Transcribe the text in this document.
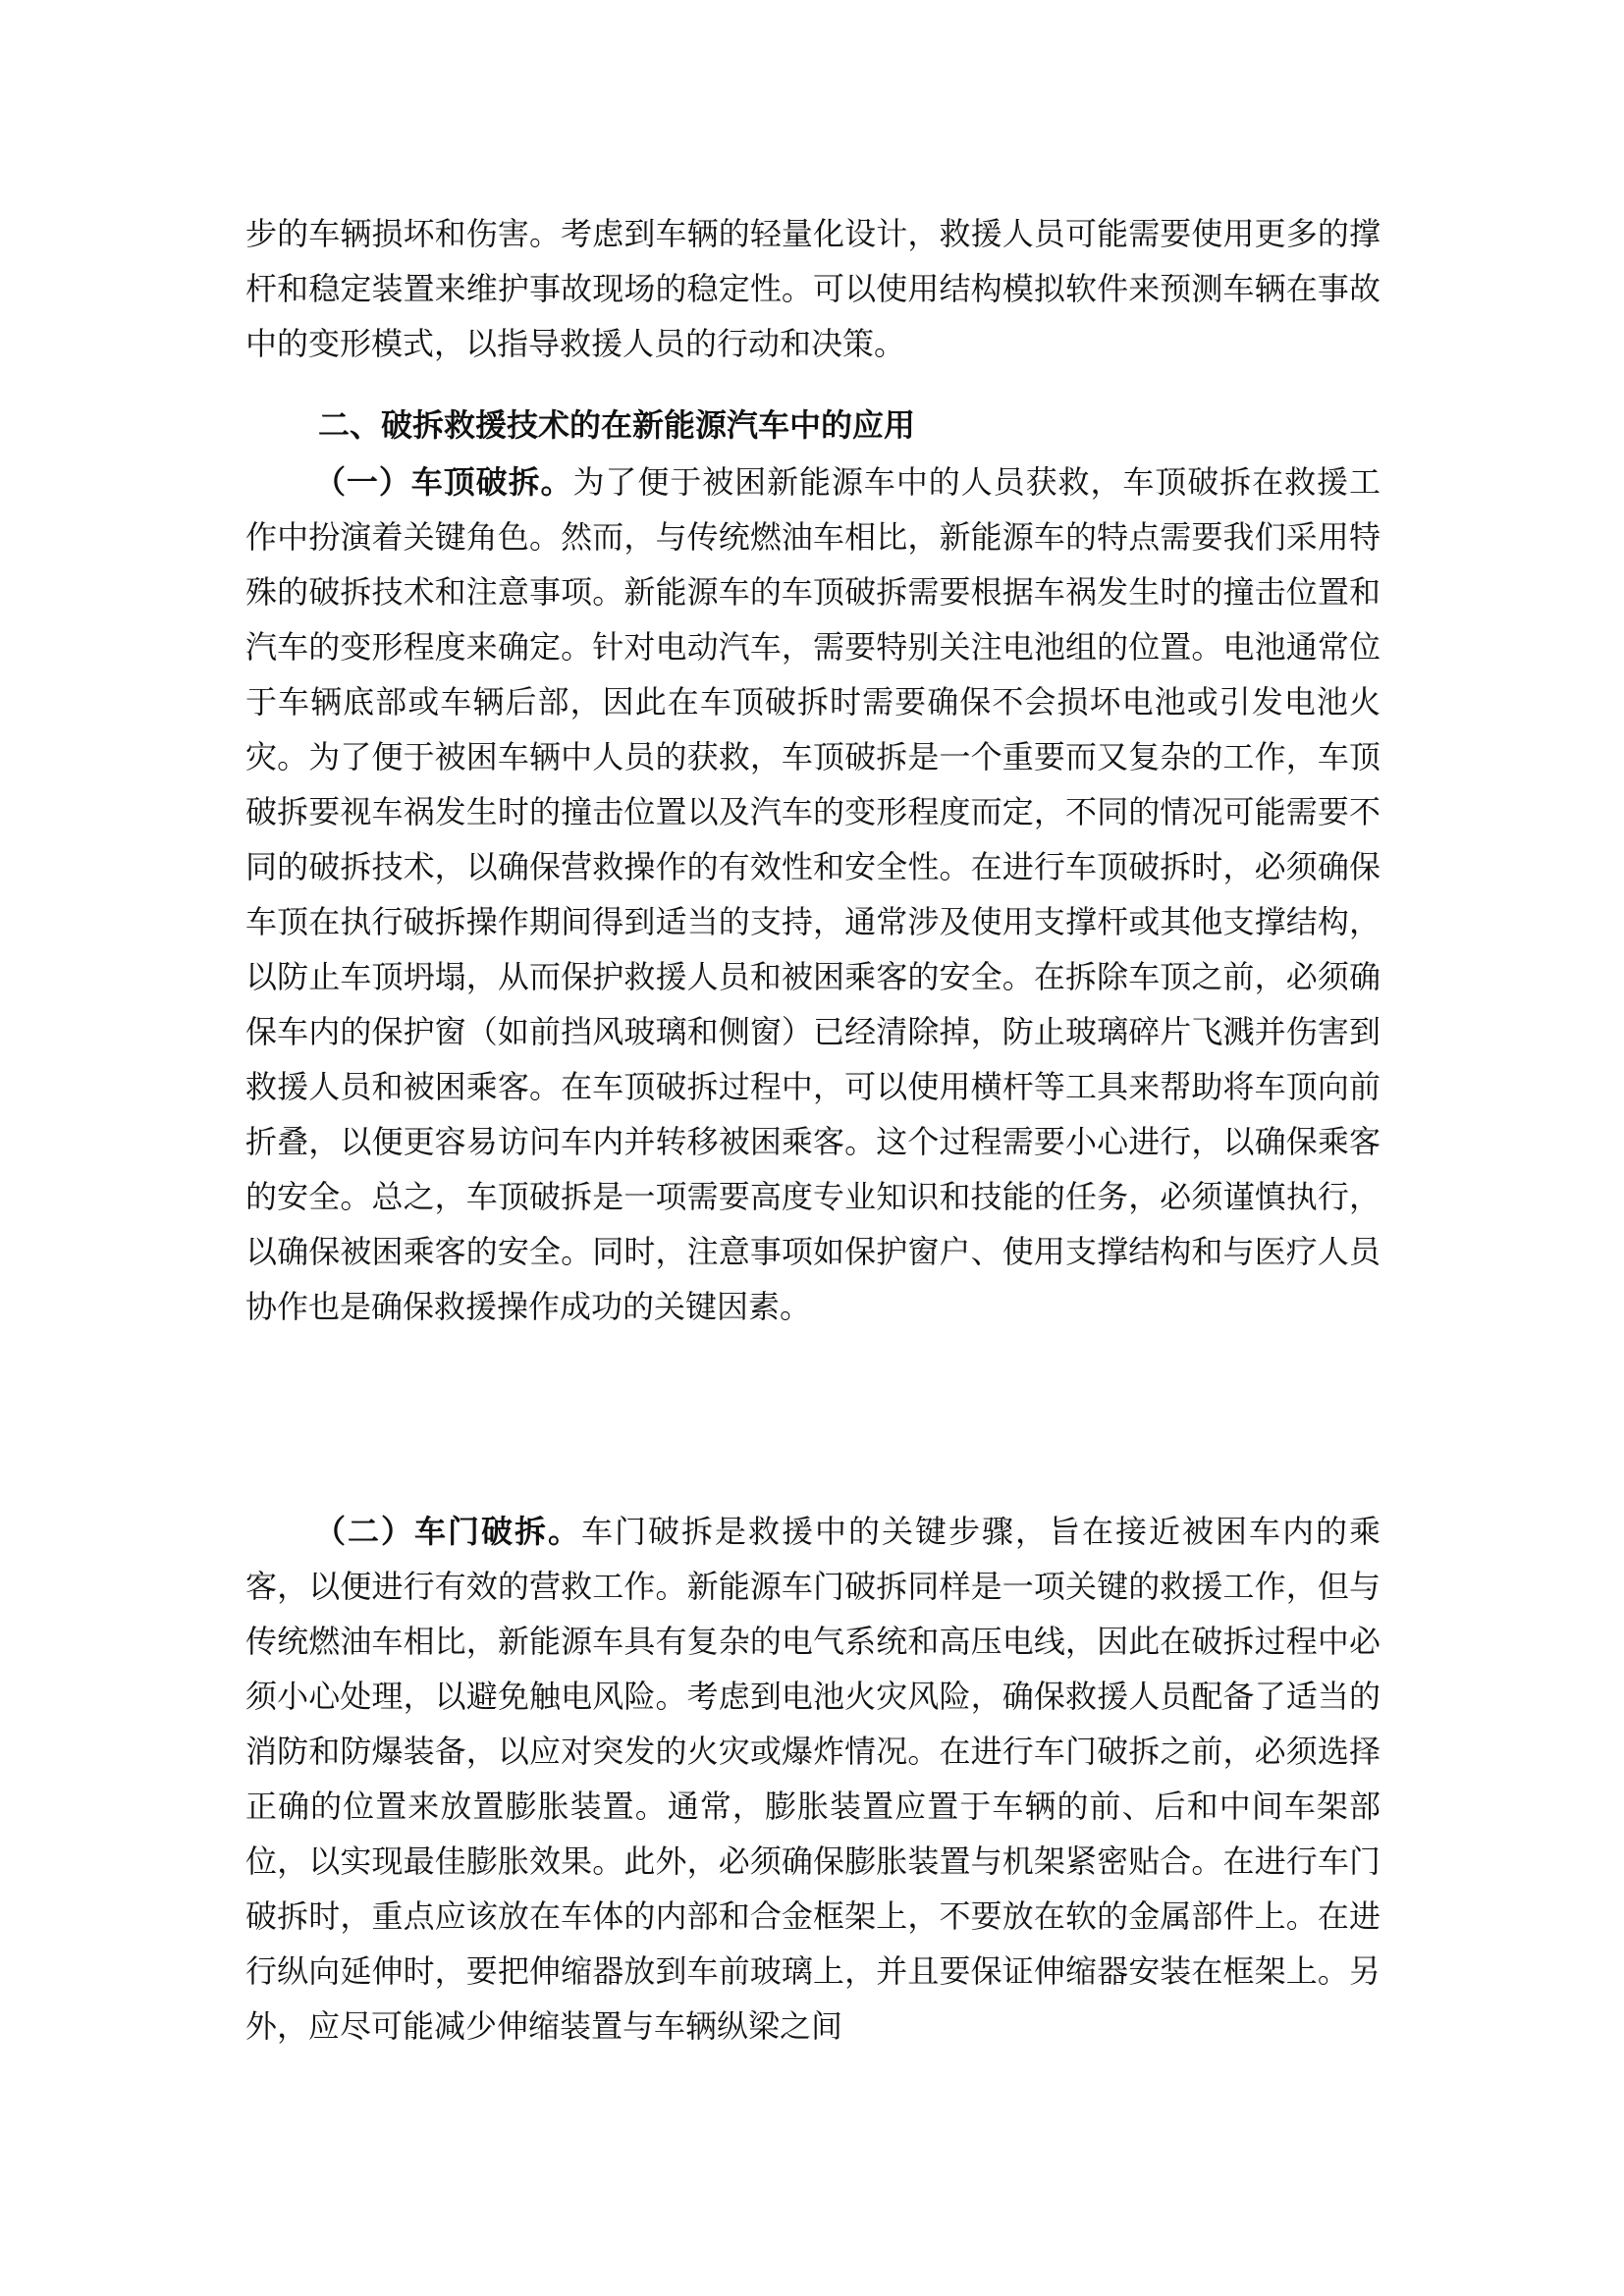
步的车辆损坏和伤害。考虑到车辆的轻量化设计，救援人员可能需要使用更多的撑杆和稳定装置来维护事故现场的稳定性。可以使用结构模拟软件来预测车辆在事故中的变形模式，以指导救援人员的行动和决策。

二、破拆救援技术的在新能源汽车中的应用

（一）车顶破拆。为了便于被困新能源车中的人员获救，车顶破拆在救援工作中扮演着关键角色。然而，与传统燃油车相比，新能源车的特点需要我们采用特殊的破拆技术和注意事项。新能源车的车顶破拆需要根据车祸发生时的撞击位置和汽车的变形程度来确定。针对电动汽车，需要特别关注电池组的位置。电池通常位于车辆底部或车辆后部，因此在车顶破拆时需要确保不会损坏电池或引发电池火灾。为了便于被困车辆中人员的获救，车顶破拆是一个重要而又复杂的工作，车顶破拆要视车祸发生时的撞击位置以及汽车的变形程度而定，不同的情况可能需要不同的破拆技术，以确保营救操作的有效性和安全性。在进行车顶破拆时，必须确保车顶在执行破拆操作期间得到适当的支持，通常涉及使用支撑杆或其他支撑结构，以防止车顶坍塌，从而保护救援人员和被困乘客的安全。在拆除车顶之前，必须确保车内的保护窗（如前挡风玻璃和侧窗）已经清除掉，防止玻璃碎片飞溅并伤害到救援人员和被困乘客。在车顶破拆过程中，可以使用横杆等工具来帮助将车顶向前折叠，以便更容易访问车内并转移被困乘客。这个过程需要小心进行，以确保乘客的安全。总之，车顶破拆是一项需要高度专业知识和技能的任务，必须谨慎执行，以确保被困乘客的安全。同时，注意事项如保护窗户、使用支撑结构和与医疗人员协作也是确保救援操作成功的关键因素。

（二）车门破拆。车门破拆是救援中的关键步骤，旨在接近被困车内的乘客，以便进行有效的营救工作。新能源车门破拆同样是一项关键的救援工作，但与传统燃油车相比，新能源车具有复杂的电气系统和高压电线，因此在破拆过程中必须小心处理，以避免触电风险。考虑到电池火灾风险，确保救援人员配备了适当的消防和防爆装备，以应对突发的火灾或爆炸情况。在进行车门破拆之前，必须选择正确的位置来放置膨胀装置。通常，膨胀装置应置于车辆的前、后和中间车架部位，以实现最佳膨胀效果。此外，必须确保膨胀装置与机架紧密贴合。在进行车门破拆时，重点应该放在车体的内部和合金框架上，不要放在软的金属部件上。在进行纵向延伸时，要把伸缩器放到车前玻璃上，并且要保证伸缩器安装在框架上。另外，应尽可能减少伸缩装置与车辆纵梁之间
